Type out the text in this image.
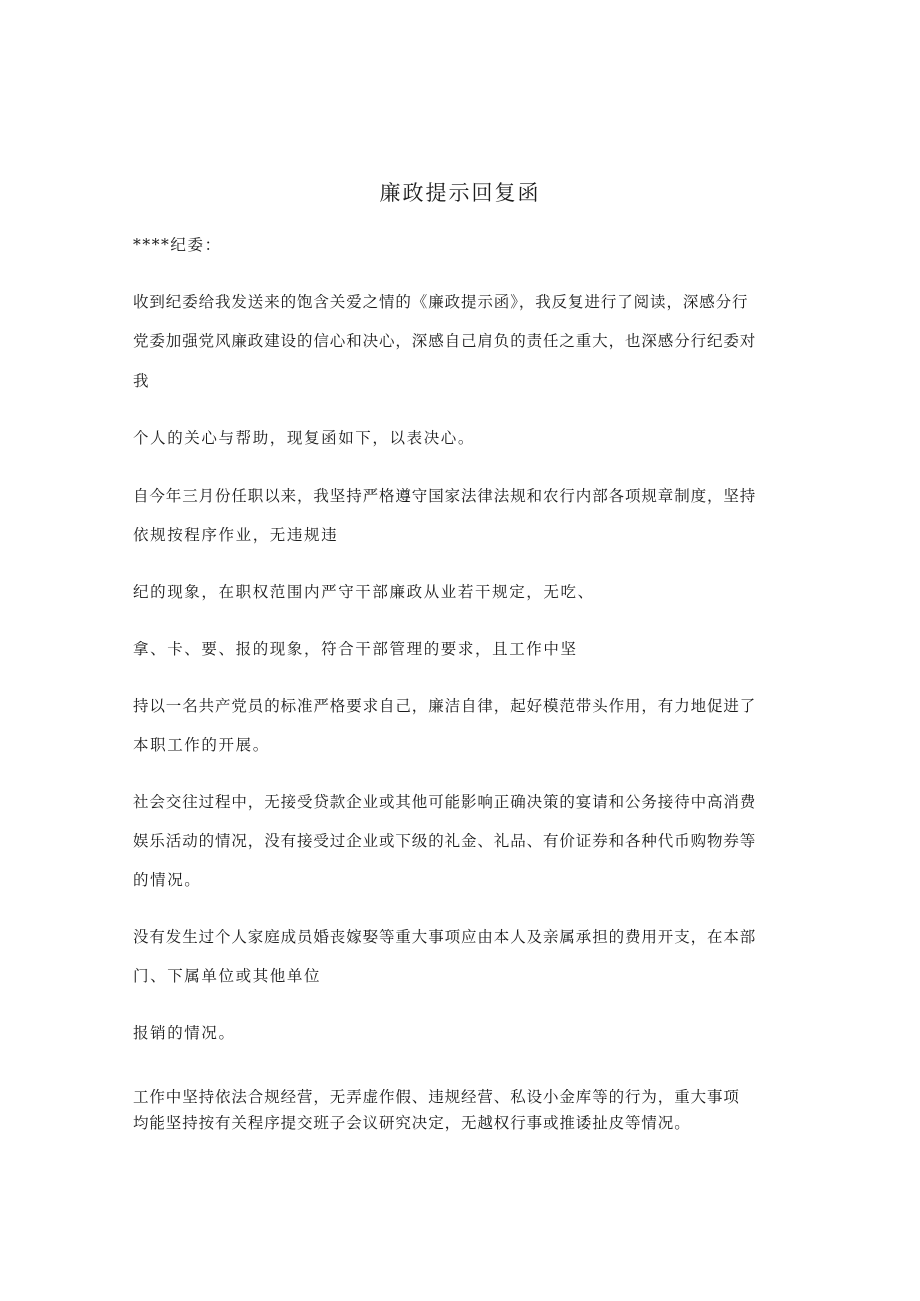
廉政提示回复函
****纪委：
收到纪委给我发送来的饱含关爱之情的《廉政提示函》，我反复进行了阅读，深感分行
党委加强党风廉政建设的信心和决心，深感自己肩负的责任之重大，也深感分行纪委对
我
个人的关心与帮助，现复函如下，以表决心。
自今年三月份任职以来，我坚持严格遵守国家法律法规和农行内部各项规章制度，坚持
依规按程序作业，无违规违
纪的现象，在职权范围内严守干部廉政从业若干规定，无吃、
拿、卡、要、报的现象，符合干部管理的要求，且工作中坚
持以一名共产党员的标准严格要求自己，廉洁自律，起好模范带头作用，有力地促进了
本职工作的开展。
社会交往过程中，无接受贷款企业或其他可能影响正确决策的宴请和公务接待中高消费
娱乐活动的情况，没有接受过企业或下级的礼金、礼品、有价证券和各种代币购物券等
的情况。
没有发生过个人家庭成员婚丧嫁娶等重大事项应由本人及亲属承担的费用开支，在本部
门、下属单位或其他单位
报销的情况。
工作中坚持依法合规经营，无弄虚作假、违规经营、私设小金库等的行为，重大事项
均能坚持按有关程序提交班子会议研究决定，无越权行事或推诿扯皮等情况。
